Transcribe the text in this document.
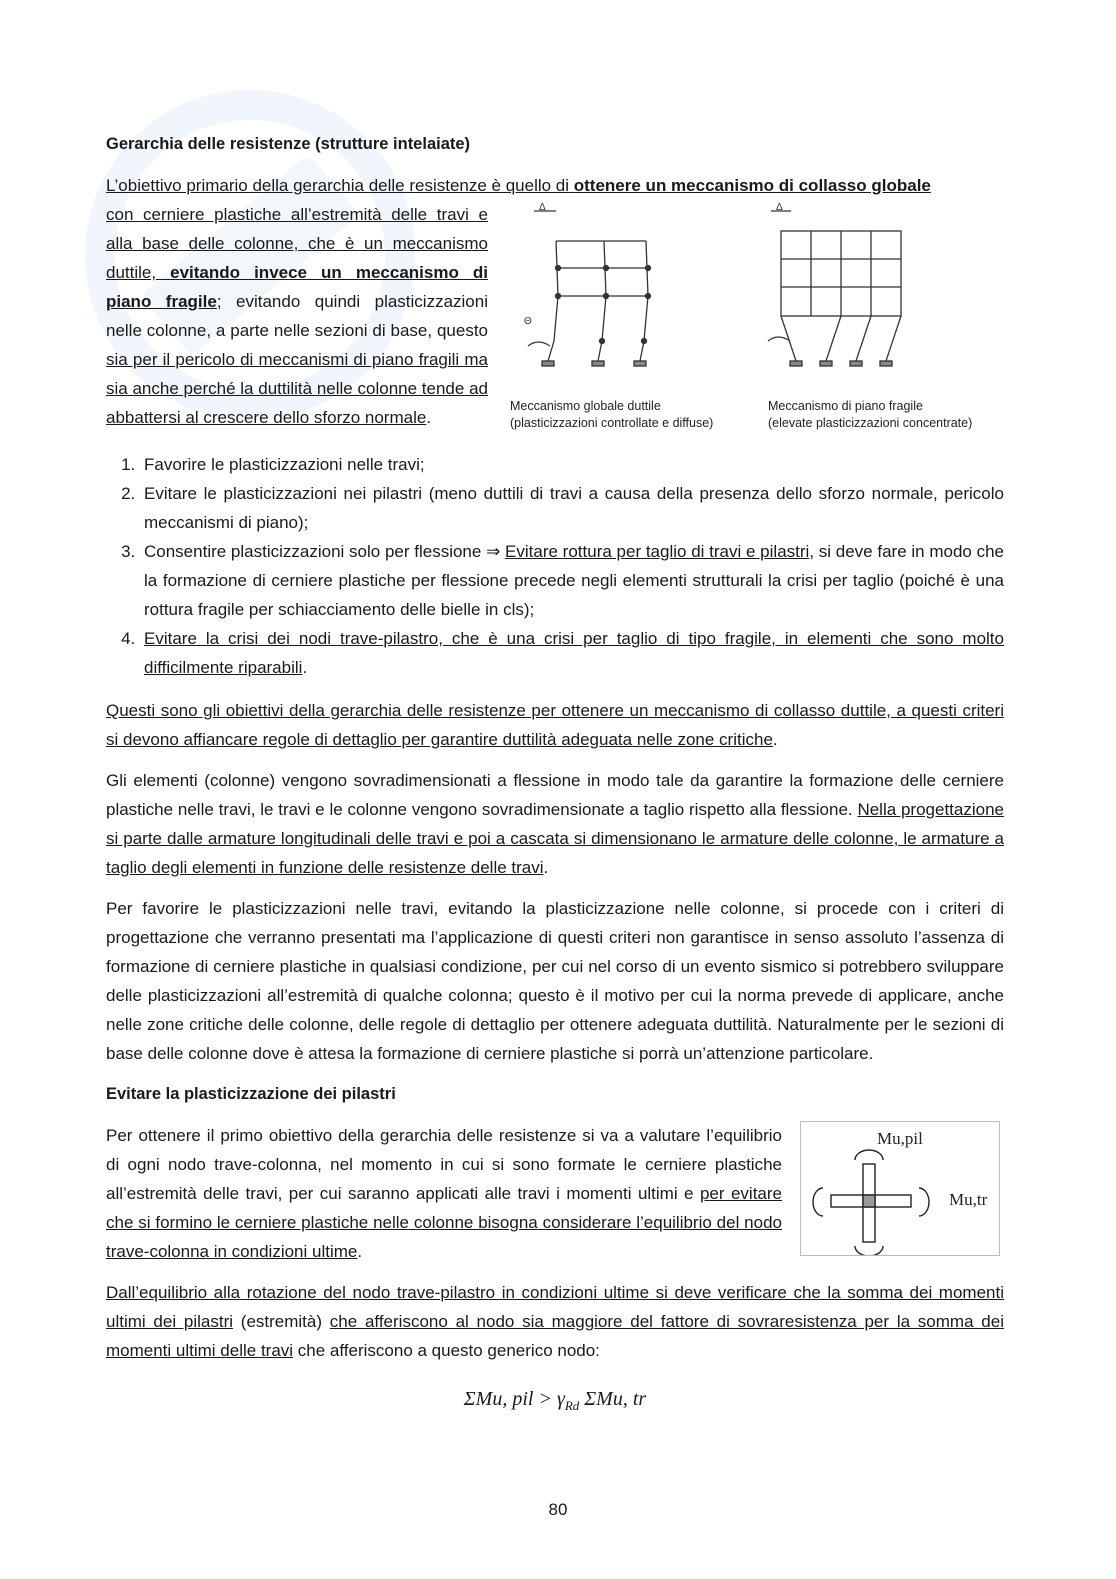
Gerarchia delle resistenze (strutture intelaiate)

L’obiettivo primario della gerarchia delle resistenze è quello di ottenere un meccanismo di collasso globale

con cerniere plastiche all’estremità delle travi e alla base delle colonne, che è un meccanismo duttile, evitando invece un meccanismo di piano fragile; evitando quindi plasticizzazioni nelle colonne, a parte nelle sezioni di base, questo sia per il pericolo di meccanismi di piano fragili ma sia anche perché la duttilità nelle colonne tende ad abbattersi al crescere dello sforzo normale.

Δ
Θ
Δ
Meccanismo globale duttile
(plasticizzazioni controllate e diffuse)
Meccanismo di piano fragile
(elevate plasticizzazioni concentrate)
1. Favorire le plasticizzazioni nelle travi;
2. Evitare le plasticizzazioni nei pilastri (meno duttili di travi a causa della presenza dello sforzo normale, pericolo meccanismi di piano);
3. Consentire plasticizzazioni solo per flessione ⇒ Evitare rottura per taglio di travi e pilastri, si deve fare in modo che la formazione di cerniere plastiche per flessione precede negli elementi strutturali la crisi per taglio (poiché è una rottura fragile per schiacciamento delle bielle in cls);
4. Evitare la crisi dei nodi trave-pilastro, che è una crisi per taglio di tipo fragile, in elementi che sono molto difficilmente riparabili.

Questi sono gli obiettivi della gerarchia delle resistenze per ottenere un meccanismo di collasso duttile, a questi criteri si devono affiancare regole di dettaglio per garantire duttilità adeguata nelle zone critiche.

Gli elementi (colonne) vengono sovradimensionati a flessione in modo tale da garantire la formazione delle cerniere plastiche nelle travi, le travi e le colonne vengono sovradimensionate a taglio rispetto alla flessione. Nella progettazione si parte dalle armature longitudinali delle travi e poi a cascata si dimensionano le armature delle colonne, le armature a taglio degli elementi in funzione delle resistenze delle travi.

Per favorire le plasticizzazioni nelle travi, evitando la plasticizzazione nelle colonne, si procede con i criteri di progettazione che verranno presentati ma l’applicazione di questi criteri non garantisce in senso assoluto l’assenza di formazione di cerniere plastiche in qualsiasi condizione, per cui nel corso di un evento sismico si potrebbero sviluppare delle plasticizzazioni all’estremità di qualche colonna; questo è il motivo per cui la norma prevede di applicare, anche nelle zone critiche delle colonne, delle regole di dettaglio per ottenere adeguata duttilità. Naturalmente per le sezioni di base delle colonne dove è attesa la formazione di cerniere plastiche si porrà un’attenzione particolare.

Evitare la plasticizzazione dei pilastri

Per ottenere il primo obiettivo della gerarchia delle resistenze si va a valutare l’equilibrio di ogni nodo trave-colonna, nel momento in cui si sono formate le cerniere plastiche all’estremità delle travi, per cui saranno applicati alle travi i momenti ultimi e per evitare che si formino le cerniere plastiche nelle colonne bisogna considerare l’equilibrio del nodo trave-colonna in condizioni ultime.

Mu,pil
Mu,tr

Dall’equilibrio alla rotazione del nodo trave-pilastro in condizioni ultime si deve verificare che la somma dei momenti ultimi dei pilastri (estremità) che afferiscono al nodo sia maggiore del fattore di sovraresistenza per la somma dei momenti ultimi delle travi che afferiscono a questo generico nodo:

ΣMu, pil > $\gamma_{Rd}$ ΣMu, tr
80
